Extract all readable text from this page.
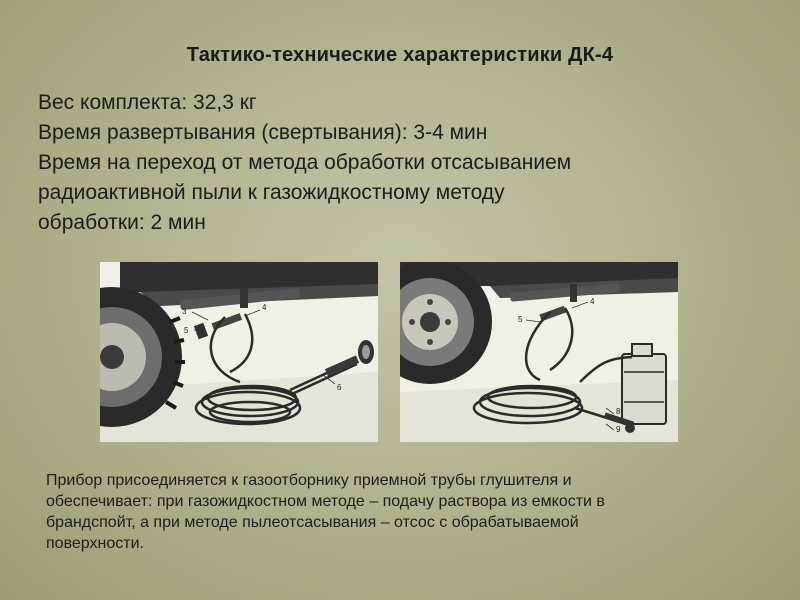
Тактико-технические характеристики ДК-4
Вес комплекта: 32,3 кг
Время развертывания (свертывания): 3-4 мин
Время на переход от метода обработки отсасыванием
радиоактивной пыли к газожидкостному методу
обработки: 2 мин
3	4
5
6
4
5
8
9
Прибор присоединяется к газоотборнику приемной трубы глушителя и
обеспечивает: при газожидкостном методе – подачу раствора из емкости в
брандспойт, а при методе пылеотсасывания – отсос с обрабатываемой
поверхности.
